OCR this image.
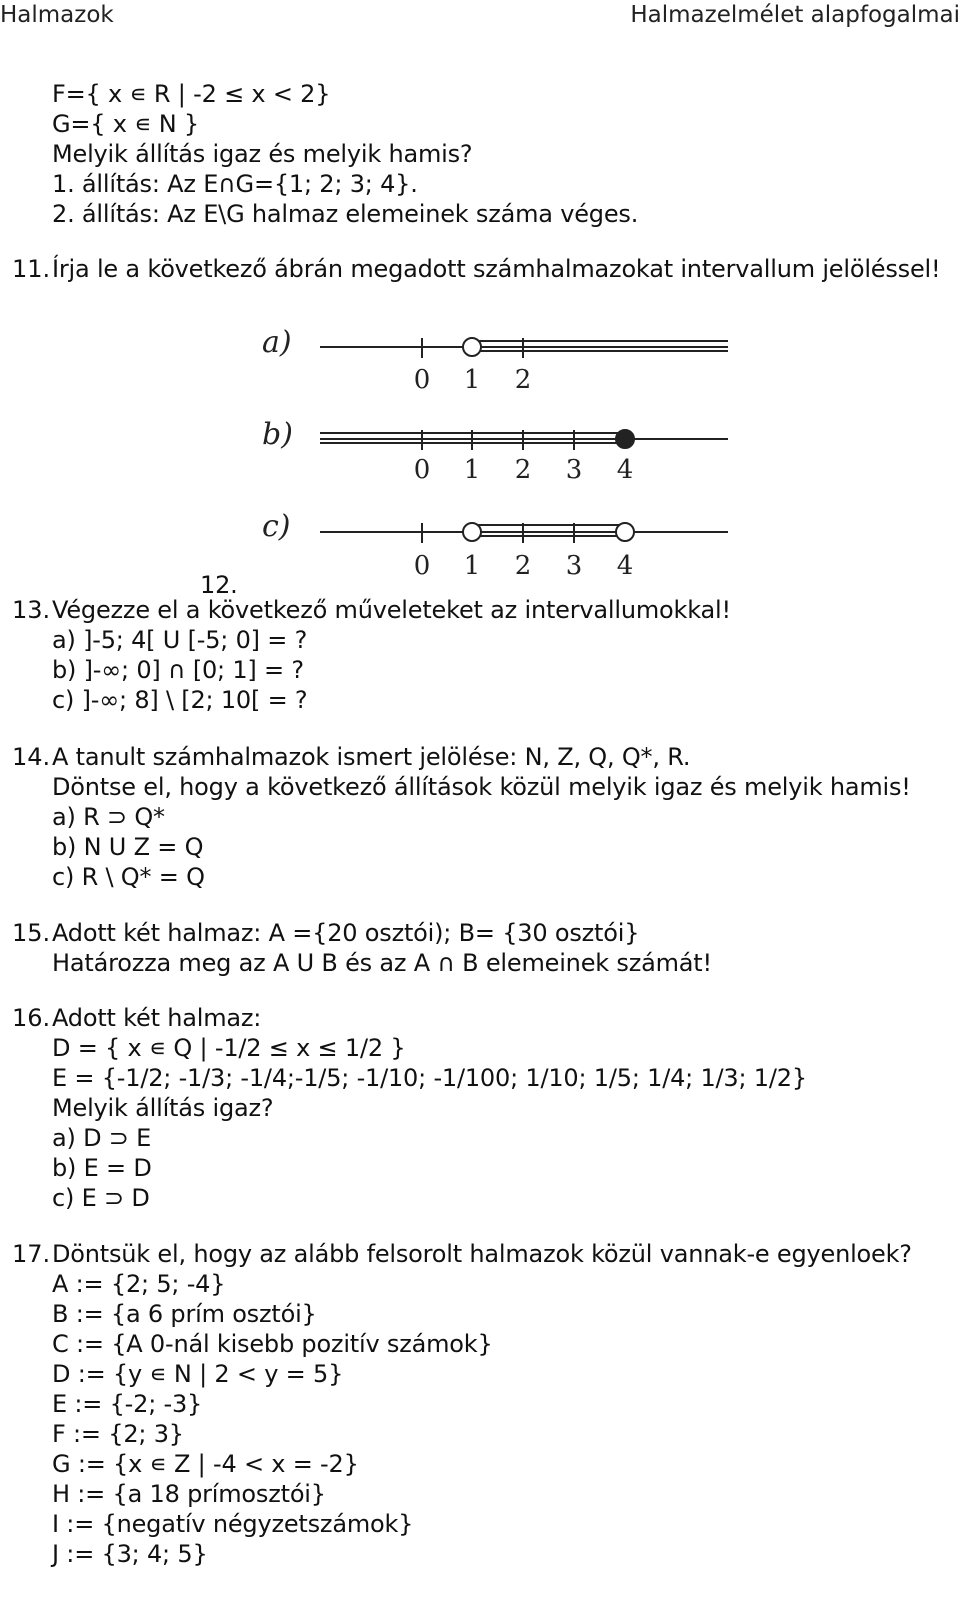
Halmazok	Halmazelmélet alapfogalmai
F={ x ∊ R | -2 ≤ x < 2}
G={ x ∊ N }
Melyik állítás igaz és melyik hamis?
1. állítás: Az E∩G={1; 2; 3; 4}.
2. állítás: Az E\G halmaz elemeinek száma véges.
11. Írja le a következő ábrán megadott számhalmazokat intervallum jelöléssel!
a)
0 1 2
b)
0 1 2 3 4
c)
0 1 2 3 4
12.
13. Végezze el a következő műveleteket az intervallumokkal!
a) ]-5; 4[ U [-5; 0] = ?
b) ]-∞; 0] ∩ [0; 1] = ?
c) ]-∞; 8] \ [2; 10[ = ?
14. A tanult számhalmazok ismert jelölése: N, Z, Q, Q*, R.
Döntse el, hogy a következő állítások közül melyik igaz és melyik hamis!
a) R ⊃ Q*
b) N U Z = Q
c) R \ Q* = Q
15. Adott két halmaz: A ={20 osztói); B= {30 osztói}
Határozza meg az A U B és az A ∩ B elemeinek számát!
16. Adott két halmaz:
D = { x ∊ Q | -1/2 ≤ x ≤ 1/2 }
E = {-1/2; -1/3; -1/4;-1/5; -1/10; -1/100; 1/10; 1/5; 1/4; 1/3; 1/2}
Melyik állítás igaz?
a) D ⊃ E
b) E = D
c) E ⊃ D
17. Döntsük el, hogy az alább felsorolt halmazok közül vannak-e egyenloek?
A := {2; 5; -4}
B := {a 6 prím osztói}
C := {A 0-nál kisebb pozitív számok}
D := {y ∊ N | 2 < y = 5}
E := {-2; -3}
F := {2; 3}
G := {x ∊ Z | -4 < x = -2}
H := {a 18 prímosztói}
I := {negatív négyzetszámok}
J := {3; 4; 5}
